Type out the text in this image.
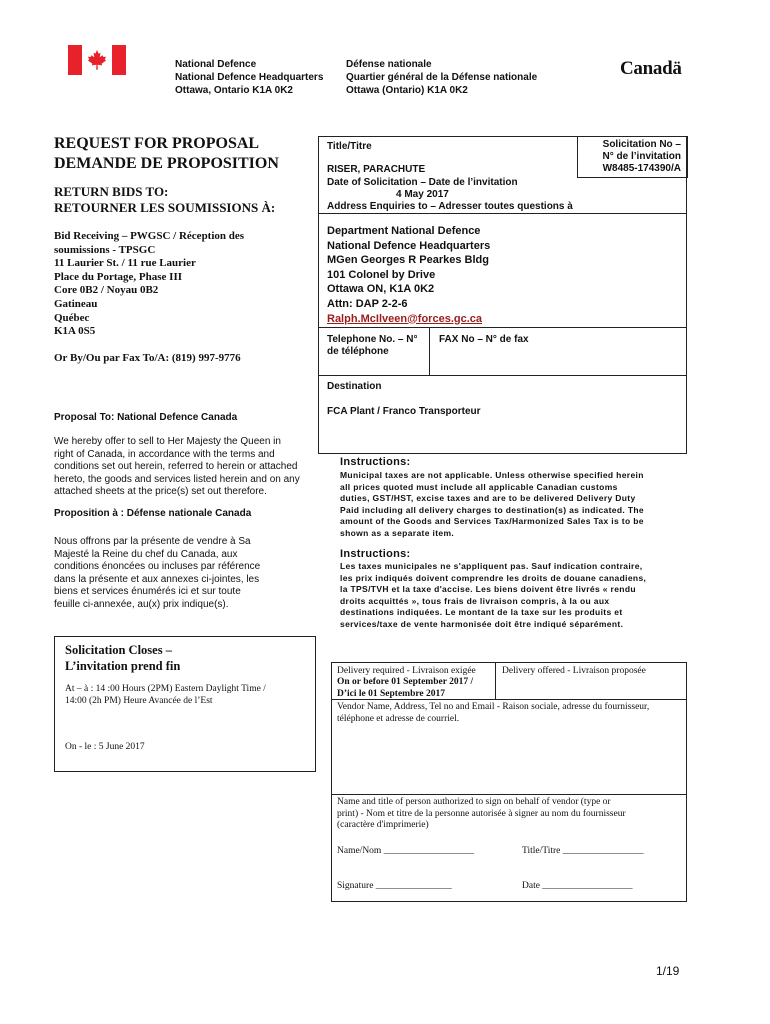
National Defence
National Defence Headquarters
Ottawa, Ontario K1A 0K2
Défense nationale
Quartier général de la Défense nationale
Ottawa (Ontario) K1A 0K2
Canadä
REQUEST FOR PROPOSAL
DEMANDE DE PROPOSITION
RETURN BIDS TO:
RETOURNER LES SOUMISSIONS À:
Bid Receiving – PWGSC / Réception des
soumissions - TPSGC
11 Laurier St. / 11 rue Laurier
Place du Portage, Phase III
Core 0B2 / Noyau 0B2
Gatineau
Québec
K1A 0S5
Or By/Ou par Fax To/A: (819) 997-9776
Proposal To: National Defence Canada
We hereby offer to sell to Her Majesty the Queen in
right of Canada, in accordance with the terms and
conditions set out herein, referred to herein or attached
hereto, the goods and services listed herein and on any
attached sheets at the price(s) set out therefore.
Proposition à : Défense nationale Canada
Nous offrons par la présente de vendre à Sa
Majesté la Reine du chef du Canada, aux
conditions énoncées ou incluses par référence
dans la présente et aux annexes ci-jointes, les
biens et services énumérés ici et sur toute
feuille ci-annexée, au(x) prix indique(s).
Solicitation Closes –
L’invitation prend fin
At – à : 14 :00 Hours (2PM) Eastern Daylight Time /
14:00 (2h PM) Heure Avancée de l’Est
On - le : 5 June 2017
Solicitation No –
N° de l’invitation
W8485-174390/A
Title/Titre
RISER, PARACHUTE
Date of Solicitation – Date de l’invitation
4 May 2017
Address Enquiries to – Adresser toutes questions à
Department National Defence
National Defence Headquarters
MGen Georges R Pearkes Bldg
101 Colonel by Drive
Ottawa ON, K1A 0K2
Attn: DAP 2-2-6
Ralph.McIlveen@forces.gc.ca
Telephone No. – N°
de téléphone
FAX No – N° de fax
Destination
FCA Plant / Franco Transporteur
Instructions:
Municipal taxes are not applicable. Unless otherwise specified herein
all prices quoted must include all applicable Canadian customs
duties, GST/HST, excise taxes and are to be delivered Delivery Duty
Paid including all delivery charges to destination(s) as indicated. The
amount of the Goods and Services Tax/Harmonized Sales Tax is to be
shown as a separate item.
Instructions:
Les taxes municipales ne s'appliquent pas. Sauf indication contraire,
les prix indiqués doivent comprendre les droits de douane canadiens,
la TPS/TVH et la taxe d'accise. Les biens doivent être livrés « rendu
droits acquittés », tous frais de livraison compris, à la ou aux
destinations indiquées. Le montant de la taxe sur les produits et
services/taxe de vente harmonisée doit être indiqué séparément.
Delivery required - Livraison exigée
On or before 01 September 2017 /
D’ici le 01 Septembre 2017
Delivery offered - Livraison proposée
Vendor Name, Address, Tel no and Email - Raison sociale, adresse du fournisseur,
téléphone et adresse de courriel.
Name and title of person authorized to sign on behalf of vendor (type or
print) - Nom et titre de la personne autorisée à signer au nom du fournisseur
(caractère d'imprimerie)
Name/Nom ___________________	Title/Titre _________________
Signature ________________	Date ___________________
1/19
